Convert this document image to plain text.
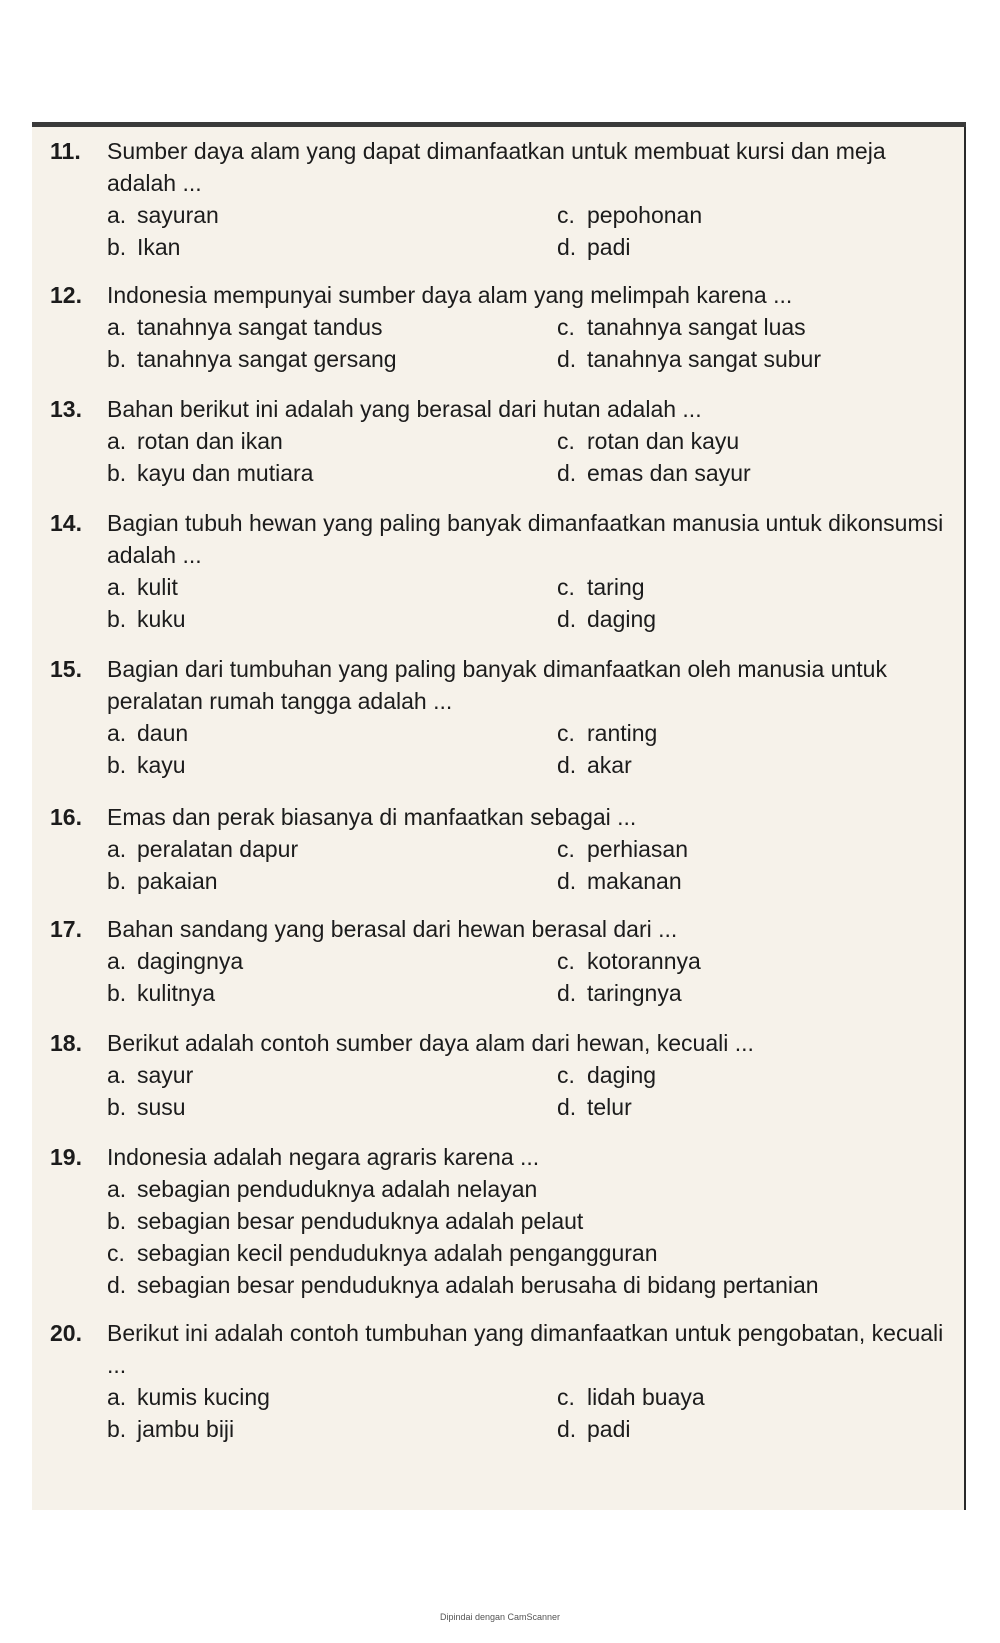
11.	Sumber daya alam yang dapat dimanfaatkan untuk membuat kursi dan meja adalah ...
a. sayuran	c. pepohonan
b. Ikan	d. padi
12.	Indonesia mempunyai sumber daya alam yang melimpah karena ...
a. tanahnya sangat tandus	c. tanahnya sangat luas
b. tanahnya sangat gersang	d. tanahnya sangat subur
13.	Bahan berikut ini adalah yang berasal dari hutan adalah ...
a. rotan dan ikan	c. rotan dan kayu
b. kayu dan mutiara	d. emas dan sayur
14.	Bagian tubuh hewan yang paling banyak dimanfaatkan manusia untuk dikonsumsi adalah ...
a. kulit	c. taring
b. kuku	d. daging
15.	Bagian dari tumbuhan yang paling banyak dimanfaatkan oleh manusia untuk peralatan rumah tangga adalah ...
a. daun	c. ranting
b. kayu	d. akar
16.	Emas dan perak biasanya di manfaatkan sebagai ...
a. peralatan dapur	c. perhiasan
b. pakaian	d. makanan
17.	Bahan sandang yang berasal dari hewan berasal dari ...
a. dagingnya	c. kotorannya
b. kulitnya	d. taringnya
18.	Berikut adalah contoh sumber daya alam dari hewan, kecuali ...
a. sayur	c. daging
b. susu	d. telur
19.	Indonesia adalah negara agraris karena ...
a. sebagian penduduknya adalah nelayan
b. sebagian besar penduduknya adalah pelaut
c. sebagian kecil penduduknya adalah pengangguran
d. sebagian besar penduduknya adalah berusaha di bidang pertanian
20.	Berikut ini adalah contoh tumbuhan yang dimanfaatkan untuk pengobatan, kecuali ...
a. kumis kucing	c. lidah buaya
b. jambu biji	d. padi
Dipindai dengan CamScanner
